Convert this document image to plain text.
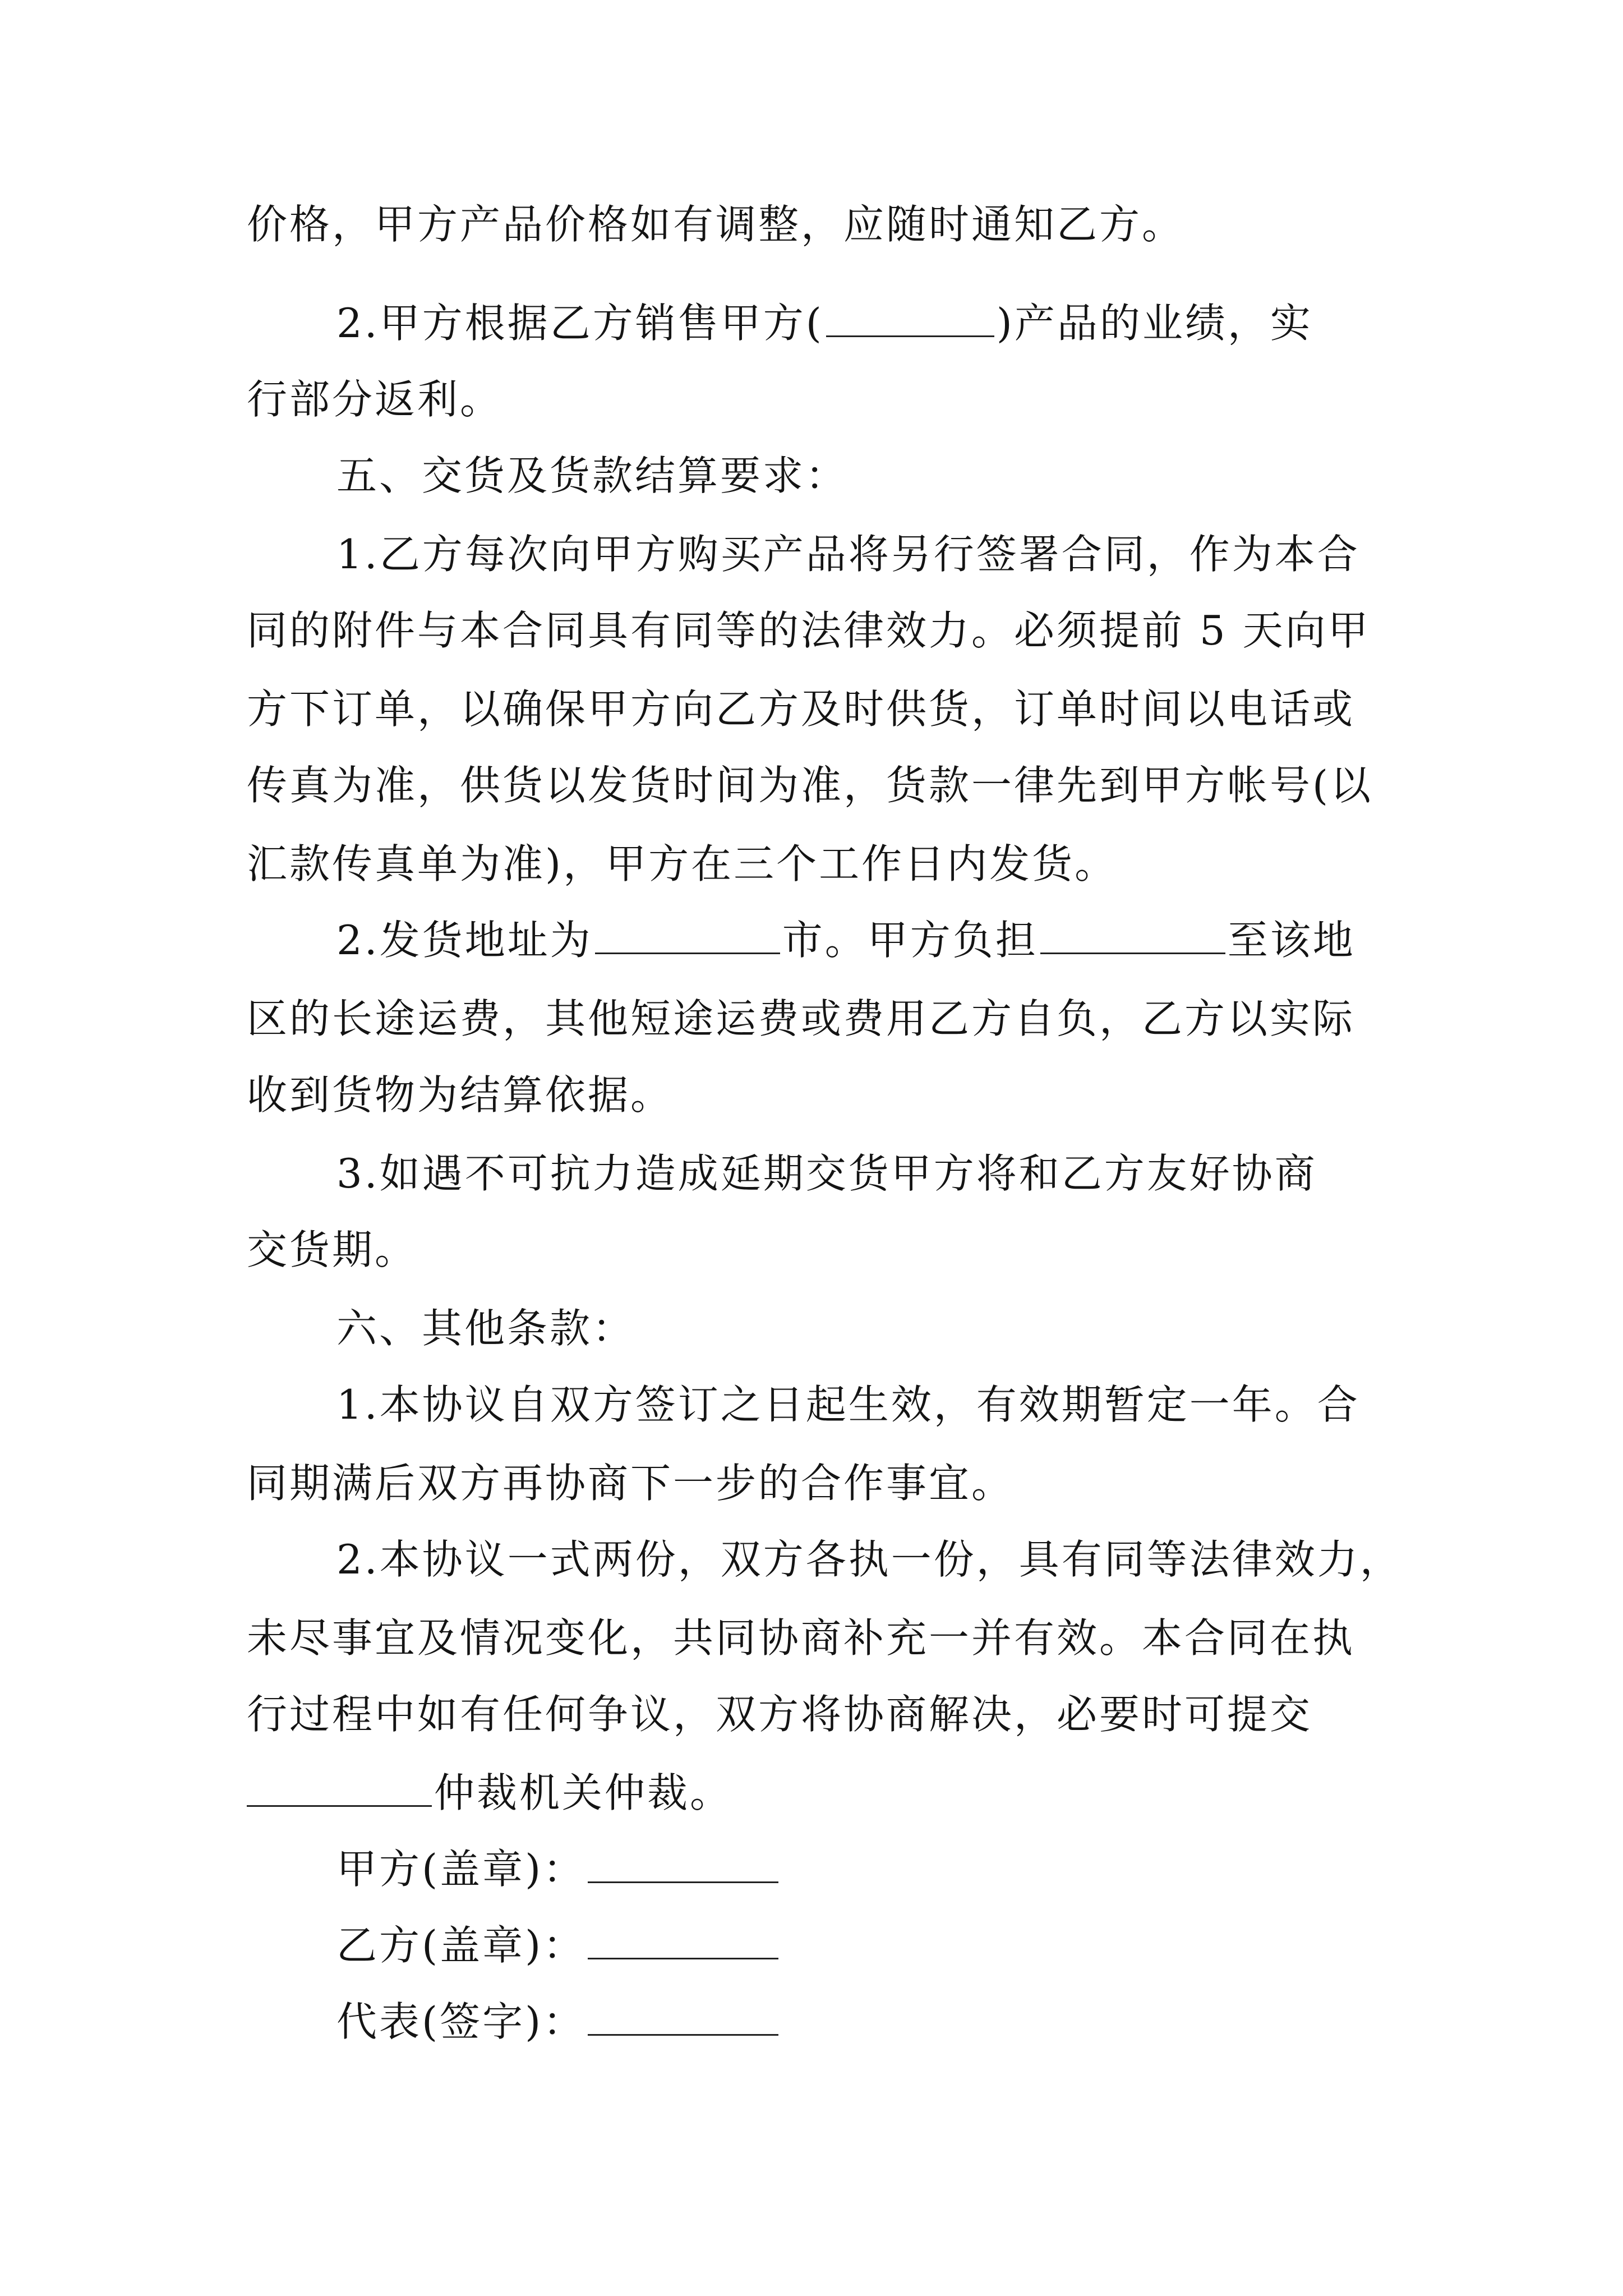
价格，甲方产品价格如有调整，应随时通知乙方。
2.甲方根据乙方销售甲方(	)产品的业绩，实
行部分返利。
五、交货及货款结算要求：
1.乙方每次向甲方购买产品将另行签署合同，作为本合
同的附件与本合同具有同等的法律效力。必须提前 5 天向甲
方下订单，以确保甲方向乙方及时供货，订单时间以电话或
传真为准，供货以发货时间为准，货款一律先到甲方帐号(以
汇款传真单为准)，甲方在三个工作日内发货。
2.发货地址为	市。甲方负担	至该地
区的长途运费，其他短途运费或费用乙方自负，乙方以实际
收到货物为结算依据。
3.如遇不可抗力造成延期交货甲方将和乙方友好协商
交货期。
六、其他条款：
1.本协议自双方签订之日起生效，有效期暂定一年。合
同期满后双方再协商下一步的合作事宜。
2.本协议一式两份，双方各执一份，具有同等法律效力，
未尽事宜及情况变化，共同协商补充一并有效。本合同在执
行过程中如有任何争议，双方将协商解决，必要时可提交
仲裁机关仲裁。
甲方(盖章)：
乙方(盖章)：
代表(签字)：
